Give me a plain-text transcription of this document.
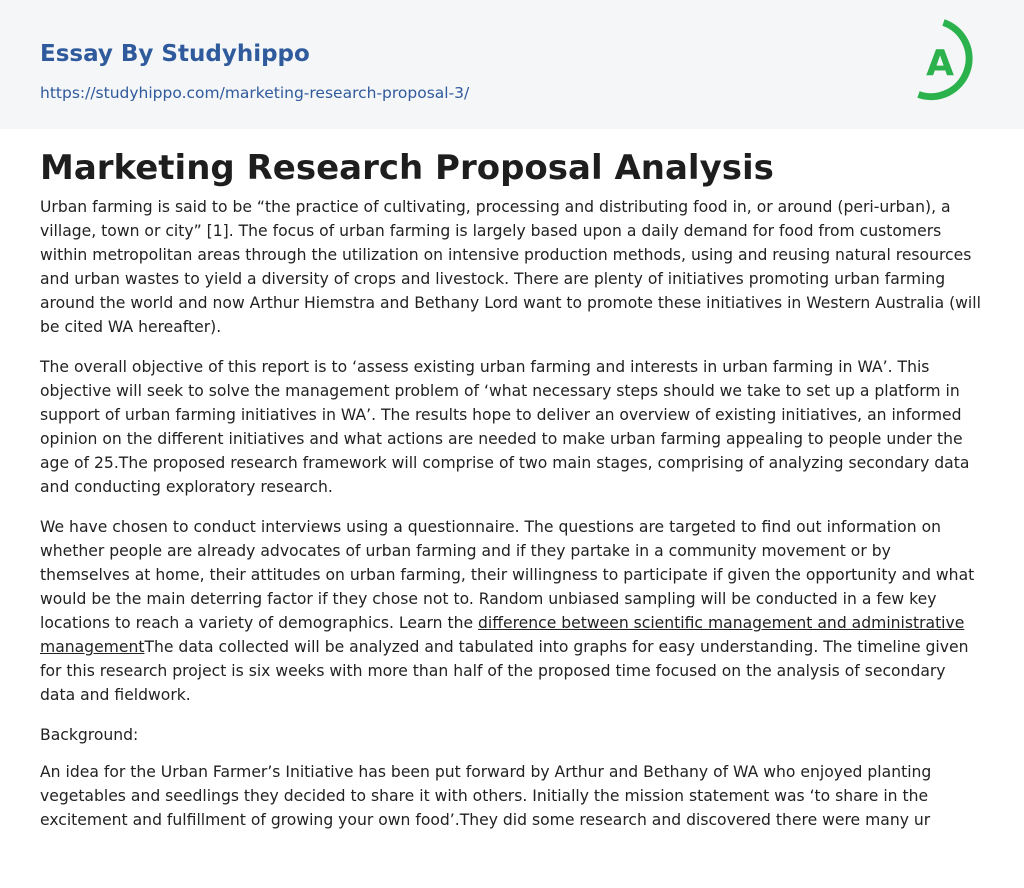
Essay By Studyhippo
https://studyhippo.com/marketing-research-proposal-3/
A
Marketing Research Proposal Analysis

Urban farming is said to be “the practice of cultivating, processing and distributing food in, or around (peri-urban), a village, town or city” [1]. The focus of urban farming is largely based upon a daily demand for food from customers within metropolitan areas through the utilization on intensive production methods, using and reusing natural resources and urban wastes to yield a diversity of crops and livestock. There are plenty of initiatives promoting urban farming around the world and now Arthur Hiemstra and Bethany Lord want to promote these initiatives in Western Australia (will be cited WA hereafter).

The overall objective of this report is to ‘assess existing urban farming and interests in urban farming in WA’. This objective will seek to solve the management problem of ‘what necessary steps should we take to set up a platform in support of urban farming initiatives in WA’. The results hope to deliver an overview of existing initiatives, an informed opinion on the different initiatives and what actions are needed to make urban farming appealing to people under the age of 25.The proposed research framework will comprise of two main stages, comprising of analyzing secondary data and conducting exploratory research.

We have chosen to conduct interviews using a questionnaire. The questions are targeted to find out information on whether people are already advocates of urban farming and if they partake in a community movement or by themselves at home, their attitudes on urban farming, their willingness to participate if given the opportunity and what would be the main deterring factor if they chose not to. Random unbiased sampling will be conducted in a few key locations to reach a variety of demographics. Learn the difference between scientific management and administrative managementThe data collected will be analyzed and tabulated into graphs for easy understanding. The timeline given for this research project is six weeks with more than half of the proposed time focused on the analysis of secondary data and fieldwork.

Background:

An idea for the Urban Farmer’s Initiative has been put forward by Arthur and Bethany of WA who enjoyed planting vegetables and seedlings they decided to share it with others. Initially the mission statement was ‘to share in the excitement and fulfillment of growing your own food’.They did some research and discovered there were many ur
